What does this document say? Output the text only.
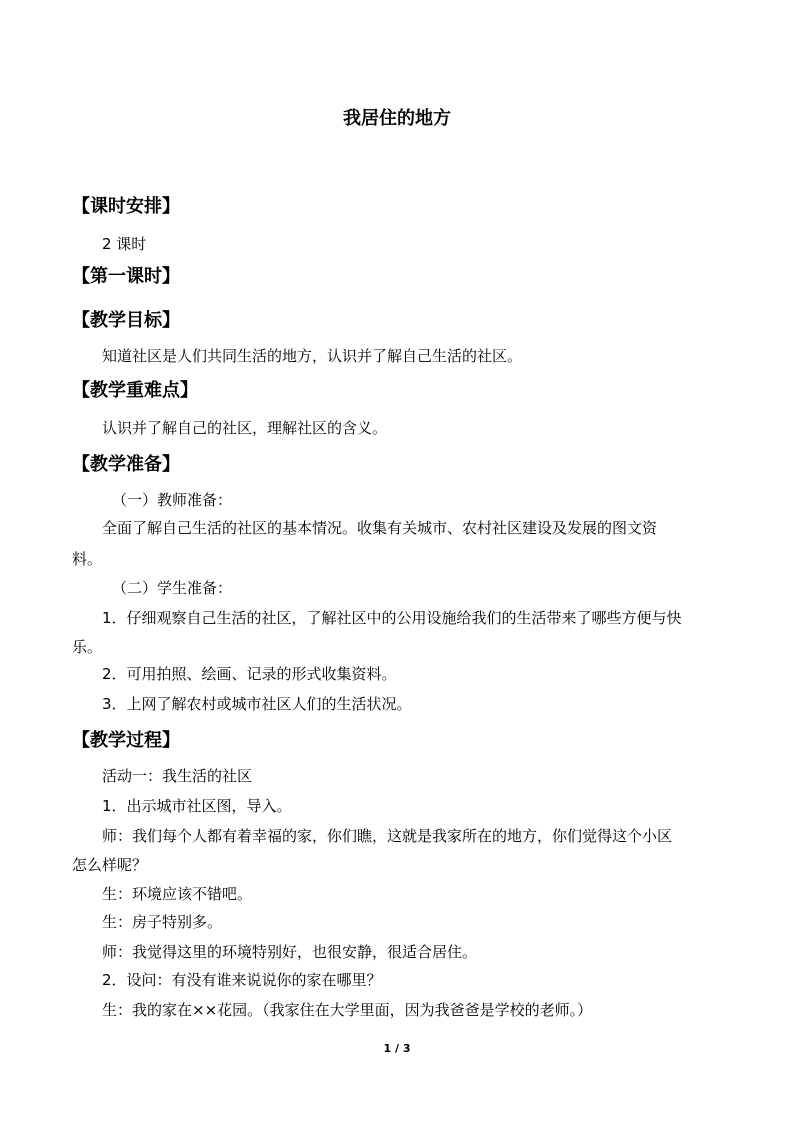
我居住的地方
【课时安排】
2 课时
【第一课时】
【教学目标】
知道社区是人们共同生活的地方，认识并了解自己生活的社区。
【教学重难点】
认识并了解自己的社区，理解社区的含义。
【教学准备】
（一）教师准备：
全面了解自己生活的社区的基本情况。收集有关城市、农村社区建设及发展的图文资
料。
（二）学生准备：
1．仔细观察自己生活的社区，了解社区中的公用设施给我们的生活带来了哪些方便与快
乐。
2．可用拍照、绘画、记录的形式收集资料。
3．上网了解农村或城市社区人们的生活状况。
【教学过程】
活动一：我生活的社区
1．出示城市社区图，导入。
师：我们每个人都有着幸福的家，你们瞧，这就是我家所在的地方，你们觉得这个小区
怎么样呢？
生：环境应该不错吧。
生：房子特别多。
师：我觉得这里的环境特别好，也很安静，很适合居住。
2．设问：有没有谁来说说你的家在哪里？
生：我的家在××花园。（我家住在大学里面，因为我爸爸是学校的老师。）
1 / 3
